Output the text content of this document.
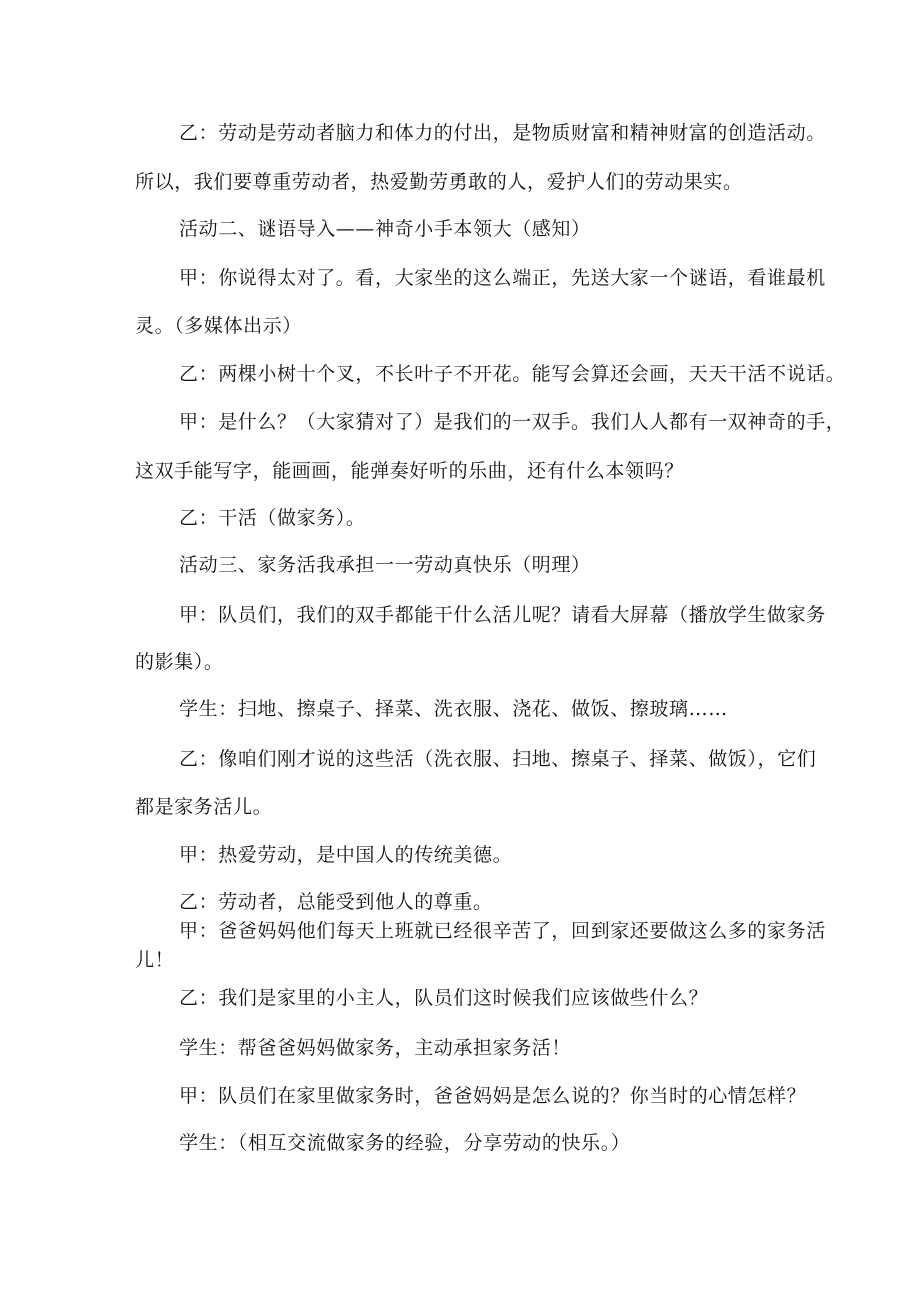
乙：劳动是劳动者脑力和体力的付出，是物质财富和精神财富的创造活动。
所以，我们要尊重劳动者，热爱勤劳勇敢的人，爱护人们的劳动果实。
活动二、谜语导入——神奇小手本领大（感知）
甲：你说得太对了。看，大家坐的这么端正，先送大家一个谜语，看谁最机
灵。（多媒体出示）
乙：两棵小树十个叉，不长叶子不开花。能写会算还会画，天天干活不说话。
甲：是什么？（大家猜对了）是我们的一双手。我们人人都有一双神奇的手，
这双手能写字，能画画，能弹奏好听的乐曲，还有什么本领吗？
乙：干活（做家务）。
活动三、家务活我承担一一劳动真快乐（明理）
甲：队员们，我们的双手都能干什么活儿呢？请看大屏幕（播放学生做家务
的影集）。
学生：扫地、擦桌子、择菜、洗衣服、浇花、做饭、擦玻璃……
乙：像咱们刚才说的这些活（洗衣服、扫地、擦桌子、择菜、做饭），它们
都是家务活儿。
甲：热爱劳动，是中国人的传统美德。
乙：劳动者，总能受到他人的尊重。
甲：爸爸妈妈他们每天上班就已经很辛苦了，回到家还要做这么多的家务活
儿！
乙：我们是家里的小主人，队员们这时候我们应该做些什么？
学生：帮爸爸妈妈做家务，主动承担家务活！
甲：队员们在家里做家务时，爸爸妈妈是怎么说的？你当时的心情怎样？
学生：（相互交流做家务的经验，分享劳动的快乐。）
